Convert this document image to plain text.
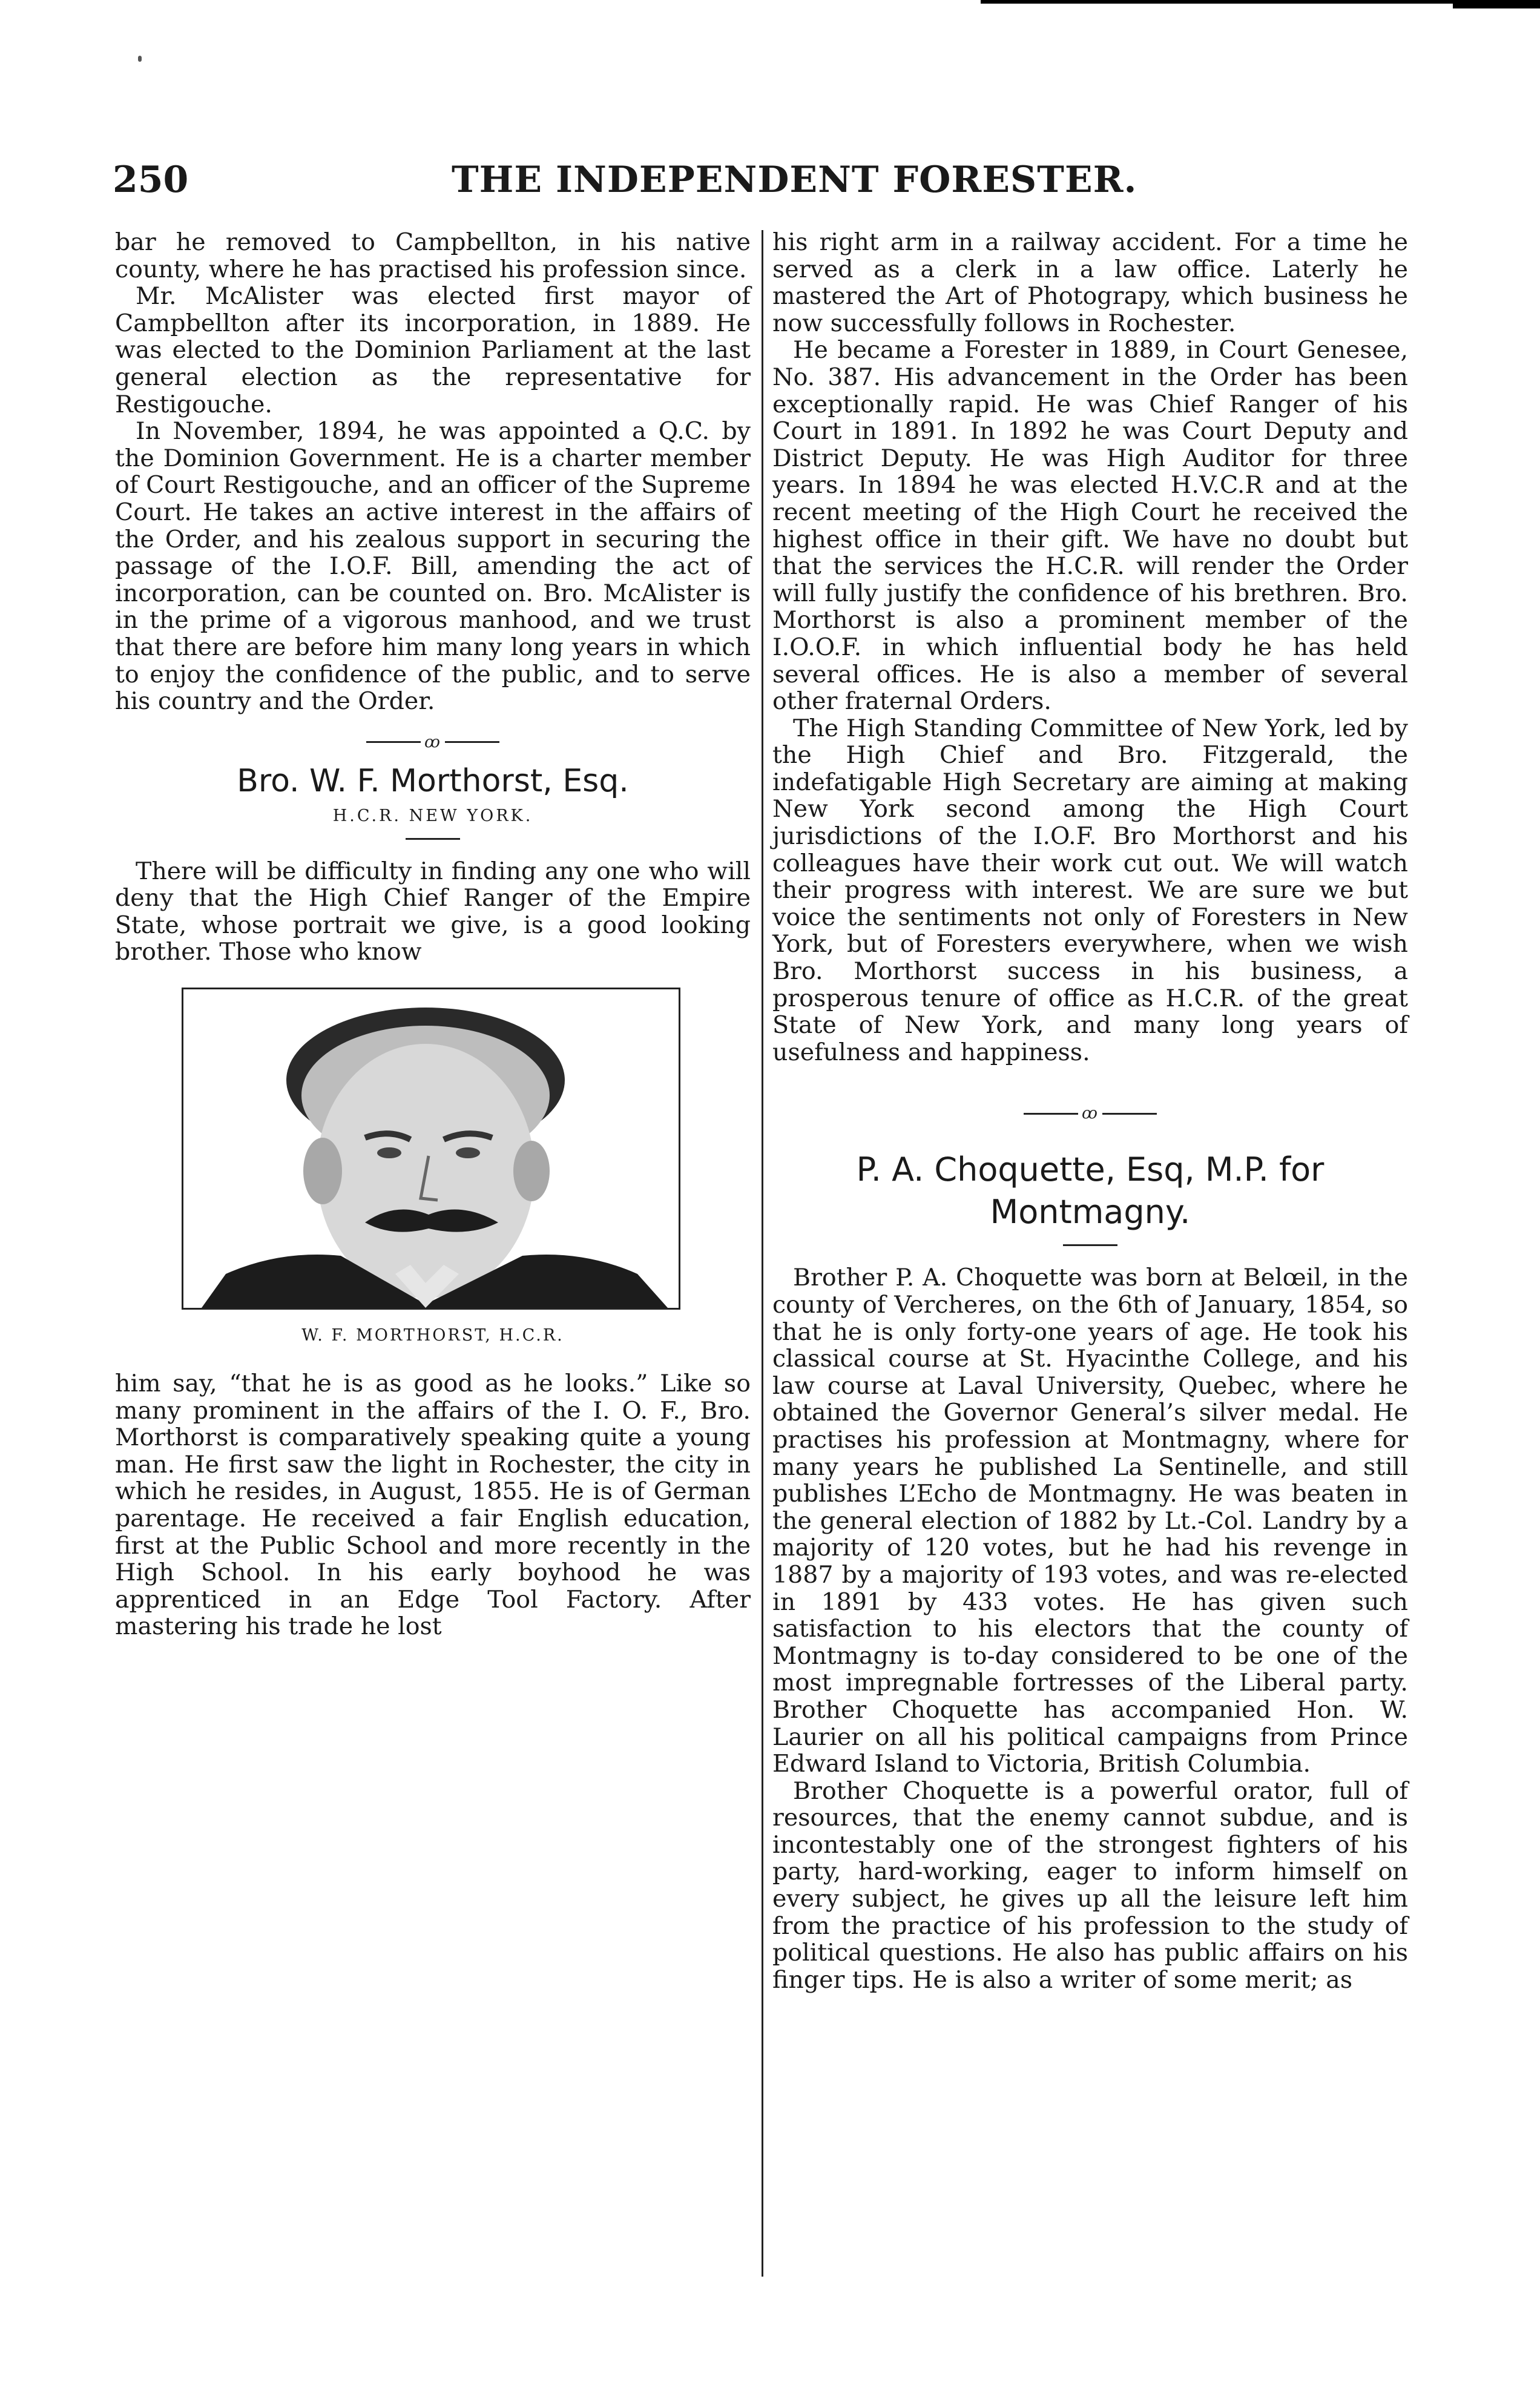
250	THE INDEPENDENT FORESTER.

bar he removed to Campbellton, in his native county, where he has practised his profession since.

Mr. McAlister was elected first mayor of Campbellton after its incorporation, in 1889. He was elected to the Dominion Parliament at the last general election as the representative for Restigouche.

In November, 1894, he was appointed a Q.C. by the Dominion Government. He is a charter member of Court Restigouche, and an officer of the Supreme Court. He takes an active interest in the affairs of the Order, and his zealous support in securing the passage of the I.O.F. Bill, amending the act of incorporation, can be counted on. Bro. McAlister is in the prime of a vigorous manhood, and we trust that there are before him many long years in which to enjoy the confidence of the public, and to serve his country and the Order.

ꝏ
Bro. W. F. Morthorst, Esq.
H.C.R. NEW YORK.

There will be difficulty in finding any one who will deny that the High Chief Ranger of the Empire State, whose portrait we give, is a good looking brother. Those who know

W. F. MORTHORST, H.C.R.

him say, “that he is as good as he looks.” Like so many prominent in the affairs of the I. O. F., Bro. Morthorst is comparatively speaking quite a young man. He first saw the light in Rochester, the city in which he resides, in August, 1855. He is of German parentage. He received a fair English education, first at the Public School and more recently in the High School. In his early boyhood he was apprenticed in an Edge Tool Factory. After mastering his trade he lost

his right arm in a railway accident. For a time he served as a clerk in a law office. Laterly he mastered the Art of Photograpy, which business he now successfully follows in Rochester.

He became a Forester in 1889, in Court Genesee, No. 387. His advancement in the Order has been exceptionally rapid. He was Chief Ranger of his Court in 1891. In 1892 he was Court Deputy and District Deputy. He was High Auditor for three years. In 1894 he was elected H.V.C.R and at the recent meeting of the High Court he received the highest office in their gift. We have no doubt but that the services the H.C.R. will render the Order will fully justify the confidence of his brethren. Bro. Morthorst is also a prominent member of the I.O.O.F. in which influential body he has held several offices. He is also a member of several other fraternal Orders.

The High Standing Committee of New York, led by the High Chief and Bro. Fitzgerald, the indefatigable High Secretary are aiming at making New York second among the High Court jurisdictions of the I.O.F. Bro Morthorst and his colleagues have their work cut out. We will watch their progress with interest. We are sure we but voice the sentiments not only of Foresters in New York, but of Foresters everywhere, when we wish Bro. Morthorst success in his business, a prosperous tenure of office as H.C.R. of the great State of New York, and many long years of usefulness and happiness.

ꝏ
P. A. Choquette, Esq, M.P. for
Montmagny.

Brother P. A. Choquette was born at Belœil, in the county of Vercheres, on the 6th of January, 1854, so that he is only forty-one years of age. He took his classical course at St. Hyacinthe College, and his law course at Laval University, Quebec, where he obtained the Governor General’s silver medal. He practises his profession at Montmagny, where for many years he published La Sentinelle, and still publishes L’Echo de Montmagny. He was beaten in the general election of 1882 by Lt.-Col. Landry by a majority of 120 votes, but he had his revenge in 1887 by a majority of 193 votes, and was re-elected in 1891 by 433 votes. He has given such satisfaction to his electors that the county of Montmagny is to-day considered to be one of the most impregnable fortresses of the Liberal party. Brother Choquette has accompanied Hon. W. Laurier on all his political campaigns from Prince Edward Island to Victoria, British Columbia.

Brother Choquette is a powerful orator, full of resources, that the enemy cannot subdue, and is incontestably one of the strongest fighters of his party, hard-working, eager to inform himself on every subject, he gives up all the leisure left him from the practice of his profession to the study of political questions. He also has public affairs on his finger tips. He is also a writer of some merit; as
